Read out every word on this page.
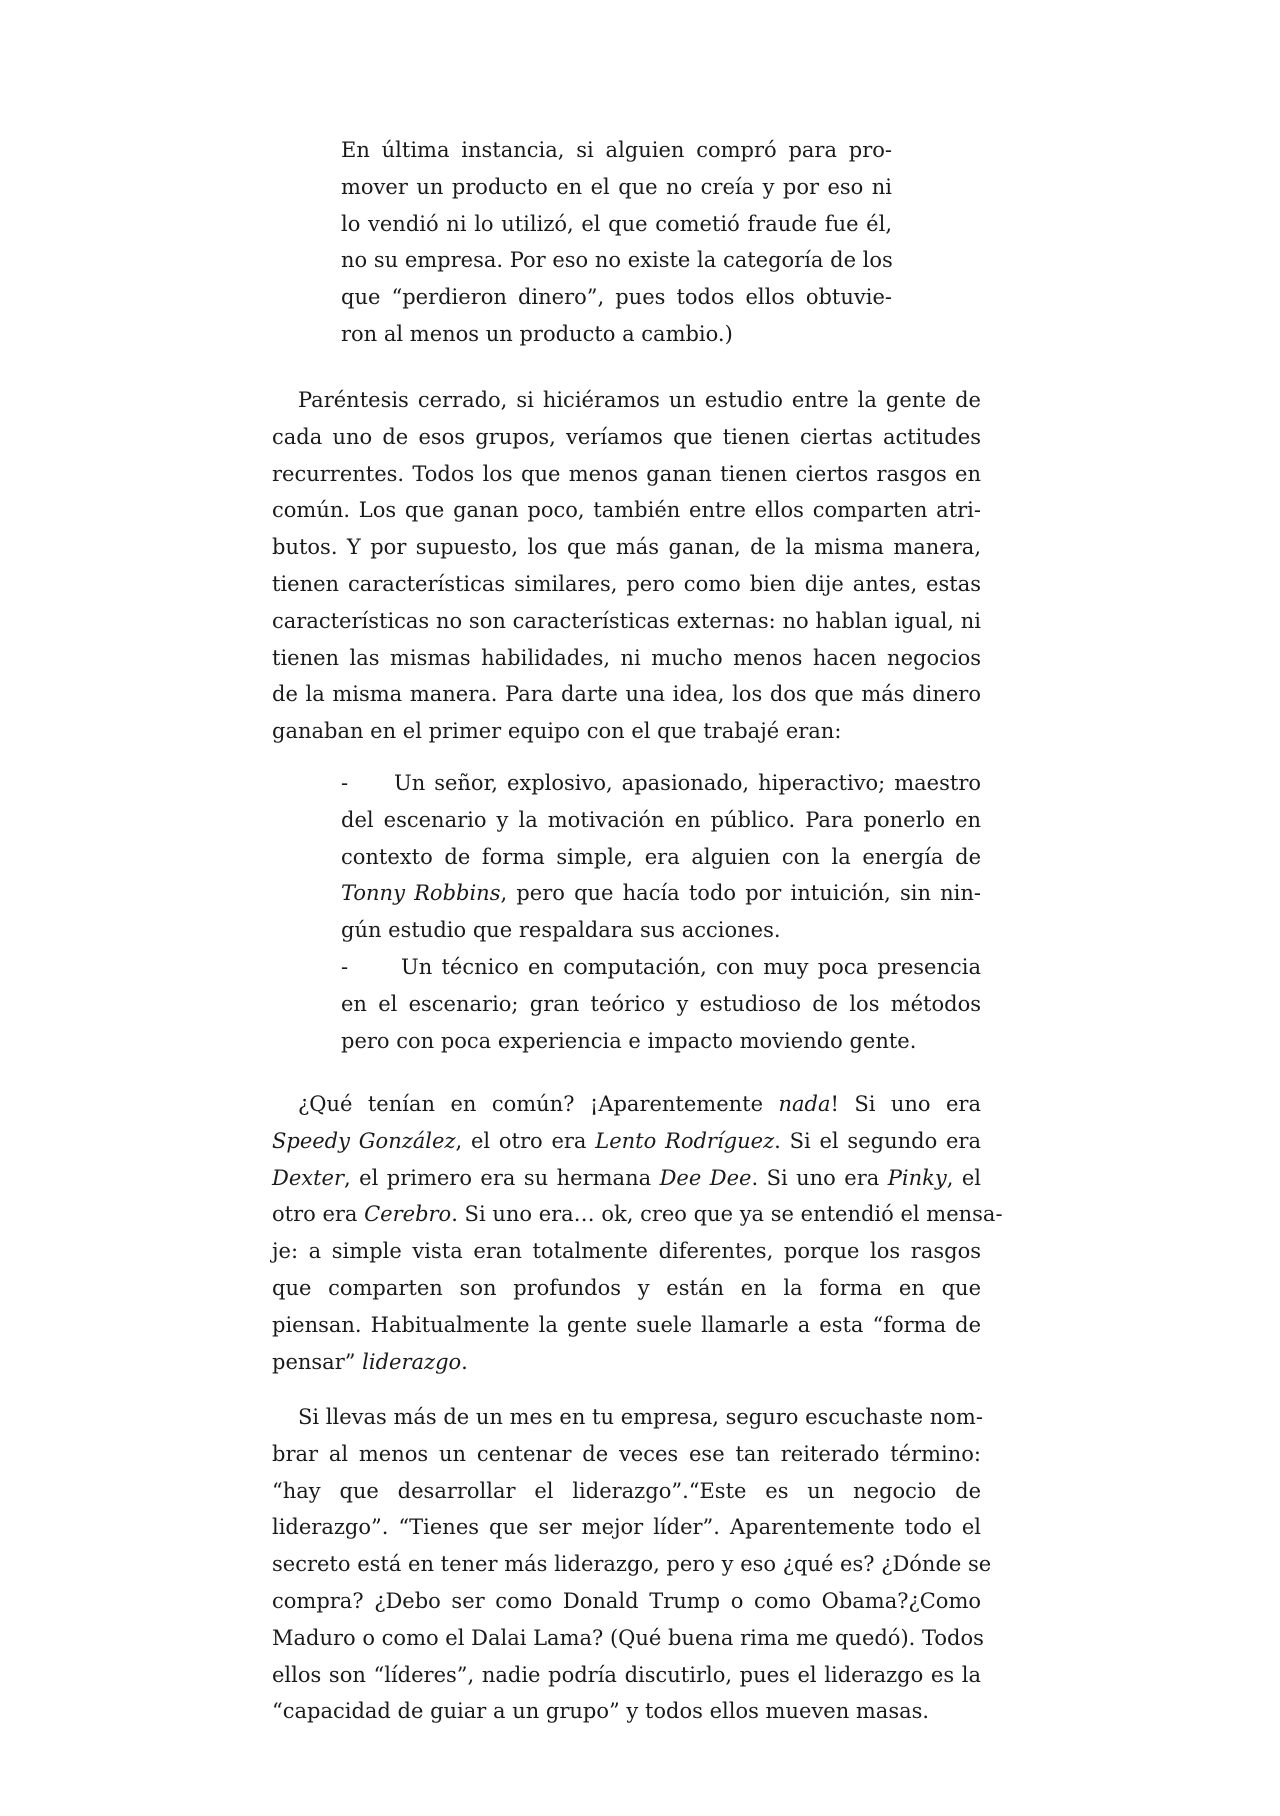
En última instancia, si alguien compró para pro-
mover un producto en el que no creía y por eso ni
lo vendió ni lo utilizó, el que cometió fraude fue él,
no su empresa. Por eso no existe la categoría de los
que “perdieron dinero”, pues todos ellos obtuvie-
ron al menos un producto a cambio.)
Paréntesis cerrado, si hiciéramos un estudio entre la gente de
cada uno de esos grupos, veríamos que tienen ciertas actitudes
recurrentes. Todos los que menos ganan tienen ciertos rasgos en
común. Los que ganan poco, también entre ellos comparten atri-
butos. Y por supuesto, los que más ganan, de la misma manera,
tienen características similares, pero como bien dije antes, estas
características no son características externas: no hablan igual, ni
tienen las mismas habilidades, ni mucho menos hacen negocios
de la misma manera. Para darte una idea, los dos que más dinero
ganaban en el primer equipo con el que trabajé eran:
- Un señor, explosivo, apasionado, hiperactivo; maestro
del escenario y la motivación en público. Para ponerlo en
contexto de forma simple, era alguien con la energía de
Tonny Robbins, pero que hacía todo por intuición, sin nin-
gún estudio que respaldara sus acciones.
-	Un técnico en computación, con muy poca presencia
en el escenario; gran teórico y estudioso de los métodos
pero con poca experiencia e impacto moviendo gente.
¿Qué tenían en común? ¡Aparentemente nada! Si uno era
Speedy González, el otro era Lento Rodríguez. Si el segundo era
Dexter, el primero era su hermana Dee Dee. Si uno era Pinky, el
otro era Cerebro. Si uno era… ok, creo que ya se entendió el mensa-
je: a simple vista eran totalmente diferentes, porque los rasgos
que comparten son profundos y están en la forma en que
piensan. Habitualmente la gente suele llamarle a esta “forma de
pensar” liderazgo.
Si llevas más de un mes en tu empresa, seguro escuchaste nom-
brar al menos un centenar de veces ese tan reiterado término:
“hay que desarrollar el liderazgo”.“Este es un negocio de
liderazgo”. “Tienes que ser mejor líder”. Aparentemente todo el
secreto está en tener más liderazgo, pero y eso ¿qué es? ¿Dónde se
compra? ¿Debo ser como Donald Trump o como Obama?¿Como
Maduro o como el Dalai Lama? (Qué buena rima me quedó). Todos
ellos son “líderes”, nadie podría discutirlo, pues el liderazgo es la
“capacidad de guiar a un grupo” y todos ellos mueven masas.
